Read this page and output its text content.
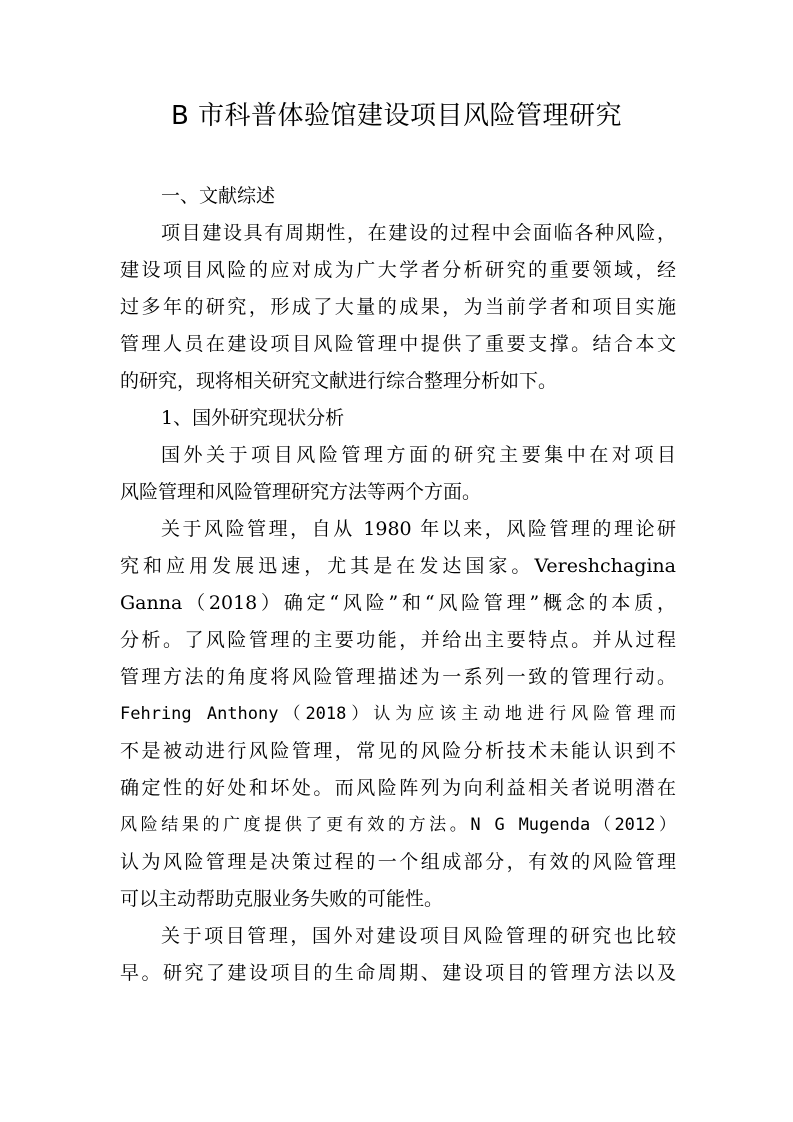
B 市科普体验馆建设项目风险管理研究
一、文献综述
项目建设具有周期性，在建设的过程中会面临各种风险，
建设项目风险的应对成为广大学者分析研究的重要领域，经
过多年的研究，形成了大量的成果，为当前学者和项目实施
管理人员在建设项目风险管理中提供了重要支撑。结合本文
的研究，现将相关研究文献进行综合整理分析如下。
1、国外研究现状分析
国外关于项目风险管理方面的研究主要集中在对项目
风险管理和风险管理研究方法等两个方面。
关于风险管理，自从 1980 年以来，风险管理的理论研
究和应用发展迅速，尤其是在发达国家。Vereshchagina
Ganna（2018）确定“风险”和“风险管理”概念的本质，
分析。了风险管理的主要功能，并给出主要特点。并从过程
管理方法的角度将风险管理描述为一系列一致的管理行动。
Fehring Anthony（2018）认为应该主动地进行风险管理而
不是被动进行风险管理，常见的风险分析技术未能认识到不
确定性的好处和坏处。而风险阵列为向利益相关者说明潜在
风险结果的广度提供了更有效的方法。N G Mugenda（2012）
认为风险管理是决策过程的一个组成部分，有效的风险管理
可以主动帮助克服业务失败的可能性。
关于项目管理，国外对建设项目风险管理的研究也比较
早。研究了建设项目的生命周期、建设项目的管理方法以及
